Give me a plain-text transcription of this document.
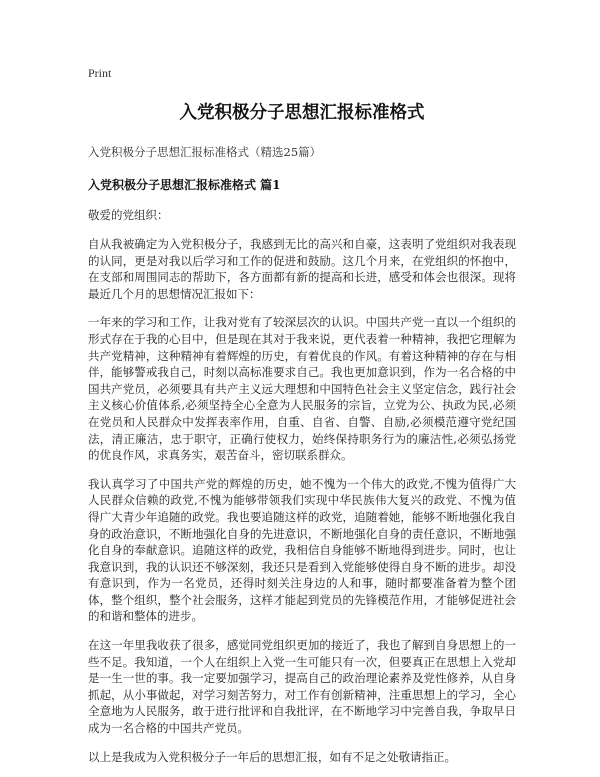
Print
入党积极分子思想汇报标准格式
入党积极分子思想汇报标准格式（精选25篇）
入党积极分子思想汇报标准格式 篇1
敬爱的党组织：

自从我被确定为入党积极分子，我感到无比的高兴和自豪，这表明了党组织对我表现的认同，更是对我以后学习和工作的促进和鼓励。这几个月来，在党组织的怀抱中，在支部和周围同志的帮助下，各方面都有新的提高和长进，感受和体会也很深。现将最近几个月的思想情况汇报如下：

一年来的学习和工作，让我对党有了较深层次的认识。中国共产党一直以一个组织的形式存在于我的心目中，但是现在其对于我来说，更代表着一种精神，我把它理解为共产党精神，这种精神有着辉煌的历史，有着优良的作风。有着这种精神的存在与相伴，能够警戒我自己，时刻以高标准要求自己。我也更加意识到，作为一名合格的中国共产党员，必须要具有共产主义远大理想和中国特色社会主义坚定信念，践行社会主义核心价值体系,必须坚持全心全意为人民服务的宗旨，立党为公、执政为民,必须在党员和人民群众中发挥表率作用，自重、自省、自警、自励,必须模范遵守党纪国法，清正廉洁，忠于职守，正确行使权力，始终保持职务行为的廉洁性,必须弘扬党的优良作风，求真务实，艰苦奋斗，密切联系群众。

我认真学习了中国共产党的辉煌的历史，她不愧为一个伟大的政党,不愧为值得广大人民群众信赖的政党,不愧为能够带领我们实现中华民族伟大复兴的政党、不愧为值得广大青少年追随的政党。我也要追随这样的政党，追随着她，能够不断地强化我自身的政治意识，不断地强化自身的先进意识，不断地强化自身的责任意识，不断地强化自身的奉献意识。追随这样的政党，我相信自身能够不断地得到进步。同时，也让我意识到，我的认识还不够深刻，我还只是看到入党能够使得自身不断的进步。却没有意识到，作为一名党员，还得时刻关注身边的人和事，随时都要准备着为整个团体，整个组织，整个社会服务，这样才能起到党员的先锋模范作用，才能够促进社会的和谐和整体的进步。

在这一年里我收获了很多，感觉同党组织更加的接近了，我也了解到自身思想上的一些不足。我知道，一个人在组织上入党一生可能只有一次，但要真正在思想上入党却是一生一世的事。我一定要加强学习，提高自己的政治理论素养及党性修养，从自身抓起，从小事做起，对学习刻苦努力，对工作有创新精神，注重思想上的学习，全心全意地为人民服务，敢于进行批评和自我批评，在不断地学习中完善自我，争取早日成为一名合格的中国共产党员。

以上是我成为入党积极分子一年后的思想汇报，如有不足之处敬请指正。
